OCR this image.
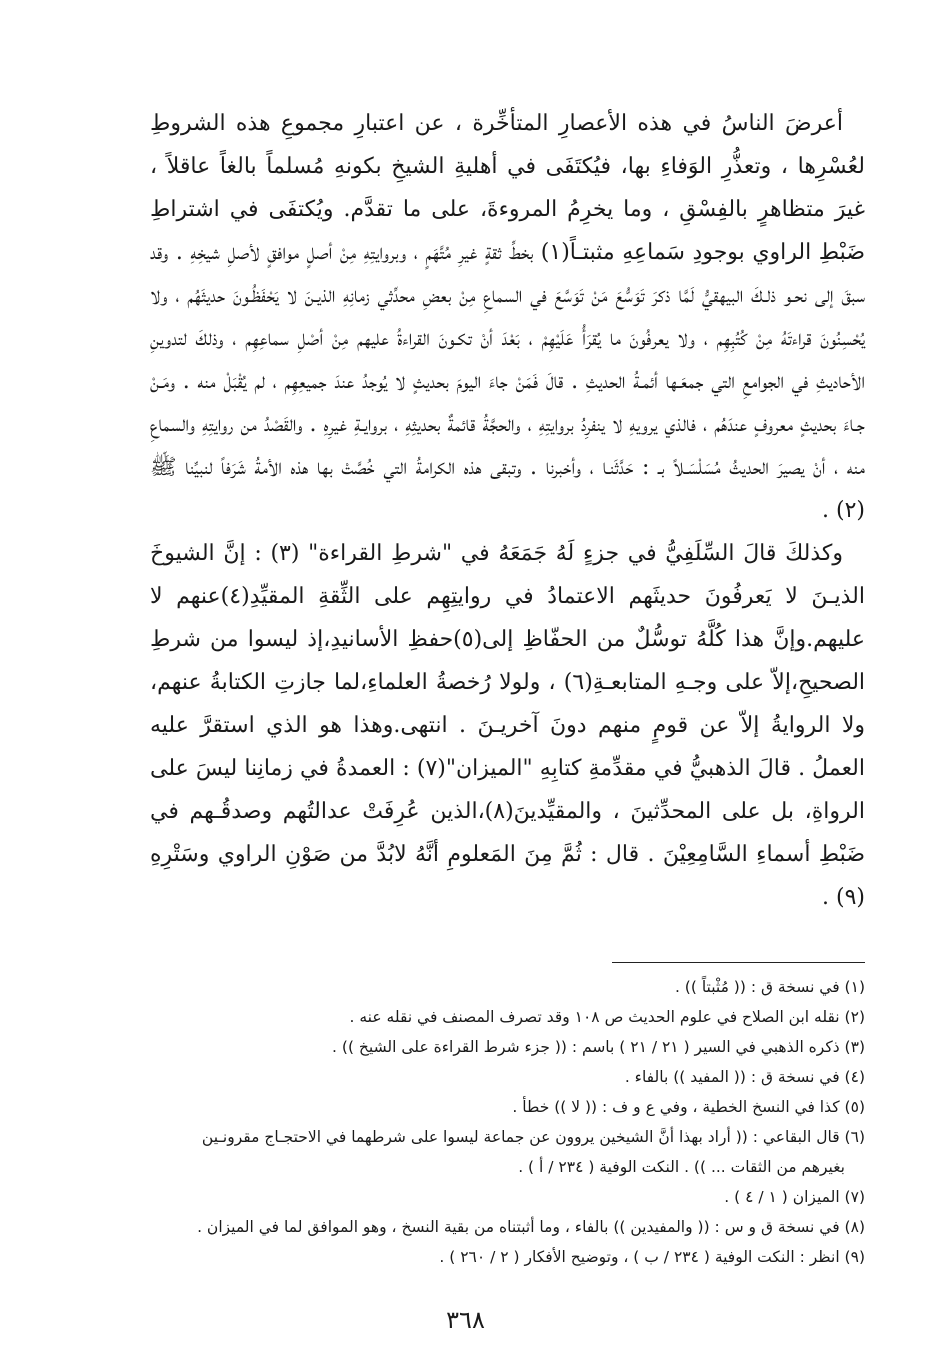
أعرضَ الناسُ في هذه الأعصارِ المتأخِّرة ، عن اعتبارِ مجموعِ هذه الشروطِ لعُسْرِها ، وتعذُّرِ الوَفاءِ بها، فيُكتَفَى في أهليةِ الشيخِ بكونهِ مُسلماً بالغاً عاقلاً ، غيرَ متظاهرٍ بالفِسْقِ ، وما يخرِمُ المروءةَ، على ما تقدَّم. ويُكتفَى في اشتراطِ ضَبْطِ الراوي بوجودِ سَماعِهِ مثبتـاً(١) بخطِّ ثقةٍ غيرِ مُتَّهَمٍ ، وبروايتِهِ مِنْ أصلٍ موافقٍ لأصلِ شيخِهِ . وقد سبقَ إلى نحـو ذلـكَ البيهقيُّ لَمَّا ذكرَ تَوَسُّعَ مَنْ تَوَسَّعَ في السماعِ مِنْ بعضِ محدِّثي زمانِهِ الذيـنَ لا يَحْفَظُـونَ حديثَهُم ، ولا يُحْسِنُونَ قراءتَهُ مِنْ كُتُبِهِم ، ولا يعرفُونَ ما يُقرَأُ عَلَيْهِمْ ، بَعْدَ أنْ تكـونَ القراءةُ عليهم مِنْ أصْلِ سماعِهِم ، وذلكَ لتدوينِ الأحاديثِ في الجوامعِ التي جمعَـها أئمـةُ الحديثِ . قالَ فَمَنْ جاءَ اليومَ بحديثٍ لا يُوجدُ عندَ جميعِهِم ، لم يُقْبَلْ منه . ومَـنْ جـاءَ بحديثٍ معروفٍ عندَهُم ، فالذي يرويهِ لا ينفرِدُ بروايتِهِ ، والحجَّةُ قائمةٌ بحديثِهِ ، بروايـةِ غيرِهِ . والقَصْدُ من روايتِهِ والسماعِ منه ، أنْ يصيرَ الحديثُ مُسَلْسَـلاً بـ : حَدَّثَنـا ، وأخبرنا . وتبقى هذه الكرامةُ التي خُصَّتْ بها هذه الأمةُ شَرَفاً لنبيِّنا ﷺ (٢) .

وكذلكَ قالَ السِّلَفِيُّ في جزءٍ لَهُ جَمَعَهُ في "شرطِ القراءة" (٣) : إنَّ الشيوخَ الذيـنَ لا يَعرفُونَ حديثَهم الاعتمادُ في روايتِهِم على الثِّقةِ المقيِّدِ(٤)عنهم لا عليهم.وإنَّ هذا كُلَّهُ توسُّلٌ من الحفّاظِ إلى(٥)حفظِ الأسانيدِ،إذ ليسوا من شرطِ الصحيحِ،إلاّ على وجـهِ المتابعـةِ(٦) ، ولولا رُخصةُ العلماءِ،لما جازتِ الكتابةُ عنهم، ولا الروايةُ إلاّ عن قومٍ منهم دونَ آخريـنَ . انتهى.وهذا هو الذي استقرَّ عليه العملُ . قالَ الذهبيُّ في مقدِّمةِ كتابِهِ "الميزان"(٧) : العمدةُ في زمانِنا ليسَ على الرواةِ، بل على المحدِّثينَ ، والمقيِّدينَ(٨)،الذين عُرِفَتْ عدالتُهم وصدقُـهم في ضَبْطِ أسماءِ السَّامِعِيْنَ . قال : ثُمَّ مِنَ المَعلومِ أنَّهُ لابُدَّ من صَوْنِ الراوي وسَتْرِهِ (٩) .

(١) في نسخة ق : (( مُثْبتاً )) .

(٢) نقله ابن الصلاح في علوم الحديث ص ١٠٨ وقد تصرف المصنف في نقله عنه .

(٣) ذكره الذهبي في السير ( ٢١ / ٢١ ) باسم : (( جزء شرط القراءة على الشيخ )) .

(٤) في نسخة ق : (( المفيد )) بالفاء .

(٥) كذا في النسخ الخطية ، وفي ع و ف : (( لا )) خطأ .

(٦) قال البقاعي : (( أراد بهذا أنَّ الشيخين يروون عن جماعة ليسوا على شرطهما في الاحتجـاج مقرونـين

بغيرهم من الثقات ... )) . النكت الوفية ( ٢٣٤ / أ ) .

(٧) الميزان ( ١ / ٤ ) .

(٨) في نسخة ق و س : (( والمفيدين )) بالفاء ، وما أثبتناه من بقية النسخ ، وهو الموافق لما في الميزان .

(٩) انظر : النكت الوفية ( ٢٣٤ / ب ) ، وتوضيح الأفكار ( ٢ / ٢٦٠ ) .

٣٦٨
